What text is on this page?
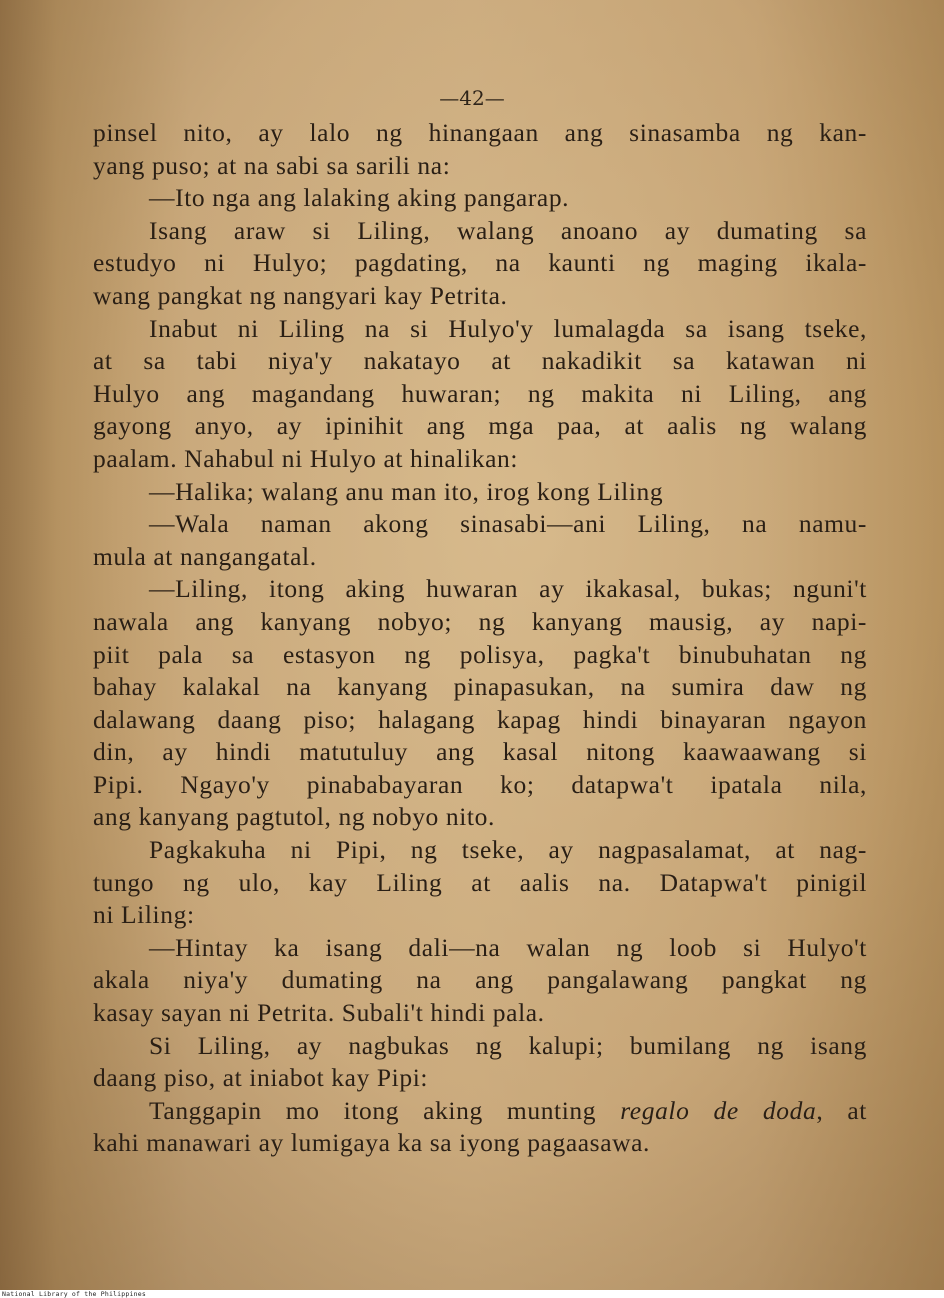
—42—
pinsel nito, ay lalo ng hinangaan ang sinasamba ng kan-
yang puso; at na sabi sa sarili na:
—Ito nga ang lalaking aking pangarap.
Isang araw si Liling, walang anoano ay dumating sa
estudyo ni Hulyo; pagdating, na kaunti ng maging ikala-
wang pangkat ng nangyari kay Petrita.
Inabut ni Liling na si Hulyo'y lumalagda sa isang tseke,
at sa tabi niya'y nakatayo at nakadikit sa katawan ni
Hulyo ang magandang huwaran; ng makita ni Liling, ang
gayong anyo, ay ipinihit ang mga paa, at aalis ng walang
paalam. Nahabul ni Hulyo at hinalikan:
—Halika; walang anu man ito, irog kong Liling
—Wala naman akong sinasabi—ani Liling, na namu-
mula at nangangatal.
—Liling, itong aking huwaran ay ikakasal, bukas; nguni't
nawala ang kanyang nobyo; ng kanyang mausig, ay napi-
piit pala sa estasyon ng polisya, pagka't binubuhatan ng
bahay kalakal na kanyang pinapasukan, na sumira daw ng
dalawang daang piso; halagang kapag hindi binayaran ngayon
din, ay hindi matutuluy ang kasal nitong kaawaawang si
Pipi. Ngayo'y pinababayaran ko; datapwa't ipatala nila,
ang kanyang pagtutol, ng nobyo nito.
Pagkakuha ni Pipi, ng tseke, ay nagpasalamat, at nag-
tungo ng ulo, kay Liling at aalis na. Datapwa't pinigil
ni Liling:
—Hintay ka isang dali—na walan ng loob si Hulyo't
akala niya'y dumating na ang pangalawang pangkat ng
kasay sayan ni Petrita. Subali't hindi pala.
Si Liling, ay nagbukas ng kalupi; bumilang ng isang
daang piso, at iniabot kay Pipi:
Tanggapin mo itong aking munting regalo de doda, at
kahi manawari ay lumigaya ka sa iyong pagaasawa.
National Library of the Philippines
